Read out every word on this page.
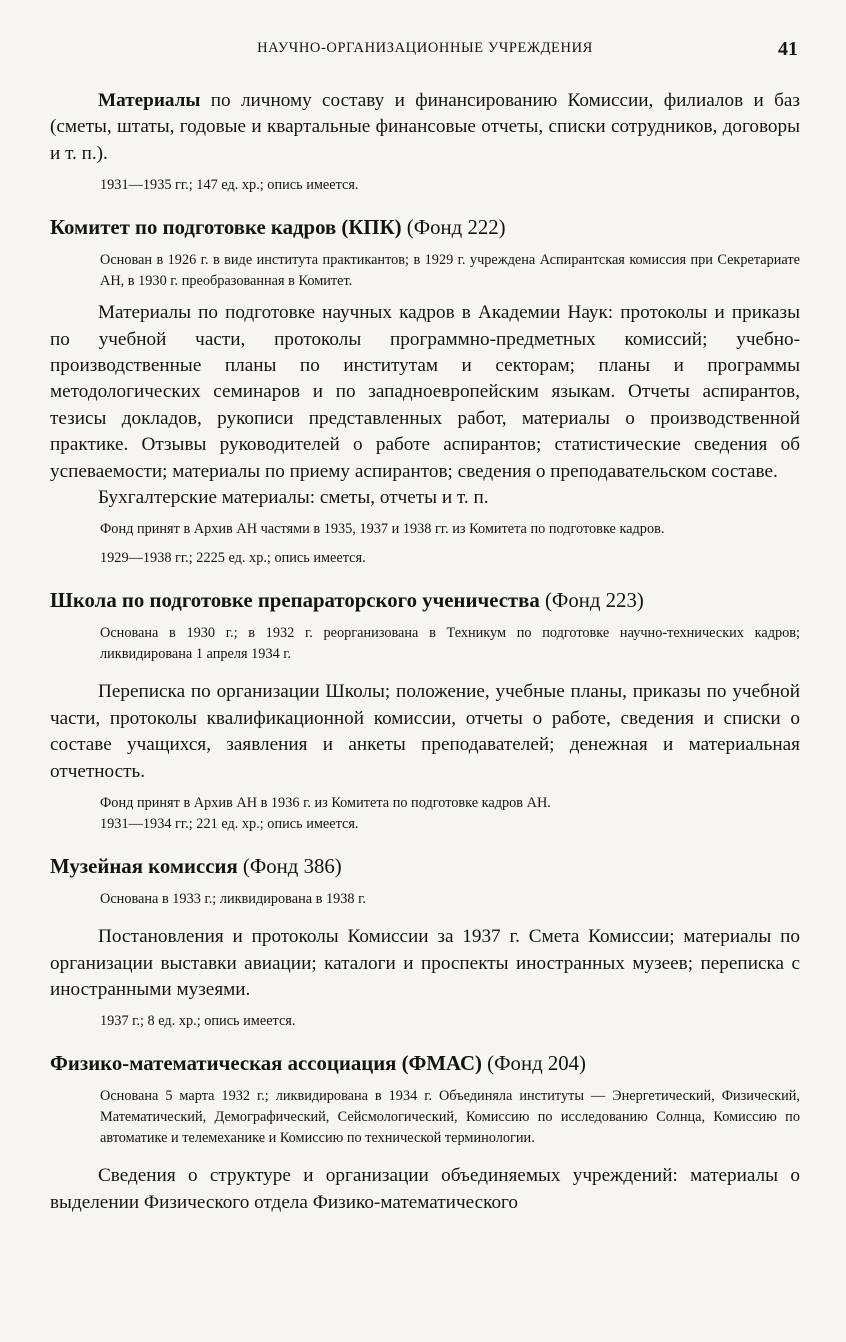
НАУЧНО-ОРГАНИЗАЦИОННЫЕ УЧРЕЖДЕНИЯ	41

Материалы по личному составу и финансированию Комиссии, филиалов и баз (сметы, штаты, годовые и квартальные финансовые отчеты, списки сотрудников, договоры и т. п.).

1931—1935 гг.; 147 ед. хр.; опись имеется.

Комитет по подготовке кадров (КПК) (Фонд 222)

Основан в 1926 г. в виде института практикантов; в 1929 г. учреждена Аспирантская комиссия при Секретариате АН, в 1930 г. преобразованная в Комитет.

Материалы по подготовке научных кадров в Академии Наук: протоколы и приказы по учебной части, протоколы программно-предметных комиссий; учебно-производственные планы по институтам и секторам; планы и программы методологических семинаров и по западноевропейским языкам. Отчеты аспирантов, тезисы докладов, рукописи представленных работ, материалы о производственной практике. Отзывы руководителей о работе аспирантов; статистические сведения об успеваемости; материалы по приему аспирантов; сведения о преподавательском составе.

Бухгалтерские материалы: сметы, отчеты и т. п.

Фонд принят в Архив АН частями в 1935, 1937 и 1938 гг. из Комитета по подготовке кадров.

1929—1938 гг.; 2225 ед. хр.; опись имеется.

Школа по подготовке препараторского ученичества (Фонд 223)

Основана в 1930 г.; в 1932 г. реорганизована в Техникум по подготовке научно-технических кадров; ликвидирована 1 апреля 1934 г.

Переписка по организации Школы; положение, учебные планы, приказы по учебной части, протоколы квалификационной комиссии, отчеты о работе, сведения и списки о составе учащихся, заявления и анкеты преподавателей; денежная и материальная отчетность.

Фонд принят в Архив АН в 1936 г. из Комитета по подготовке кадров АН.

1931—1934 гг.; 221 ед. хр.; опись имеется.

Музейная комиссия (Фонд 386)

Основана в 1933 г.; ликвидирована в 1938 г.

Постановления и протоколы Комиссии за 1937 г. Смета Комиссии; материалы по организации выставки авиации; каталоги и проспекты иностранных музеев; переписка с иностранными музеями.

1937 г.; 8 ед. хр.; опись имеется.

Физико-математическая ассоциация (ФМАС) (Фонд 204)

Основана 5 марта 1932 г.; ликвидирована в 1934 г. Объединяла институты — Энергетический, Физический, Математический, Демографический, Сейсмологический, Комиссию по исследованию Солнца, Комиссию по автоматике и телемеханике и Комиссию по технической терминологии.

Сведения о структуре и организации объединяемых учреждений: материалы о выделении Физического отдела Физико-математического
